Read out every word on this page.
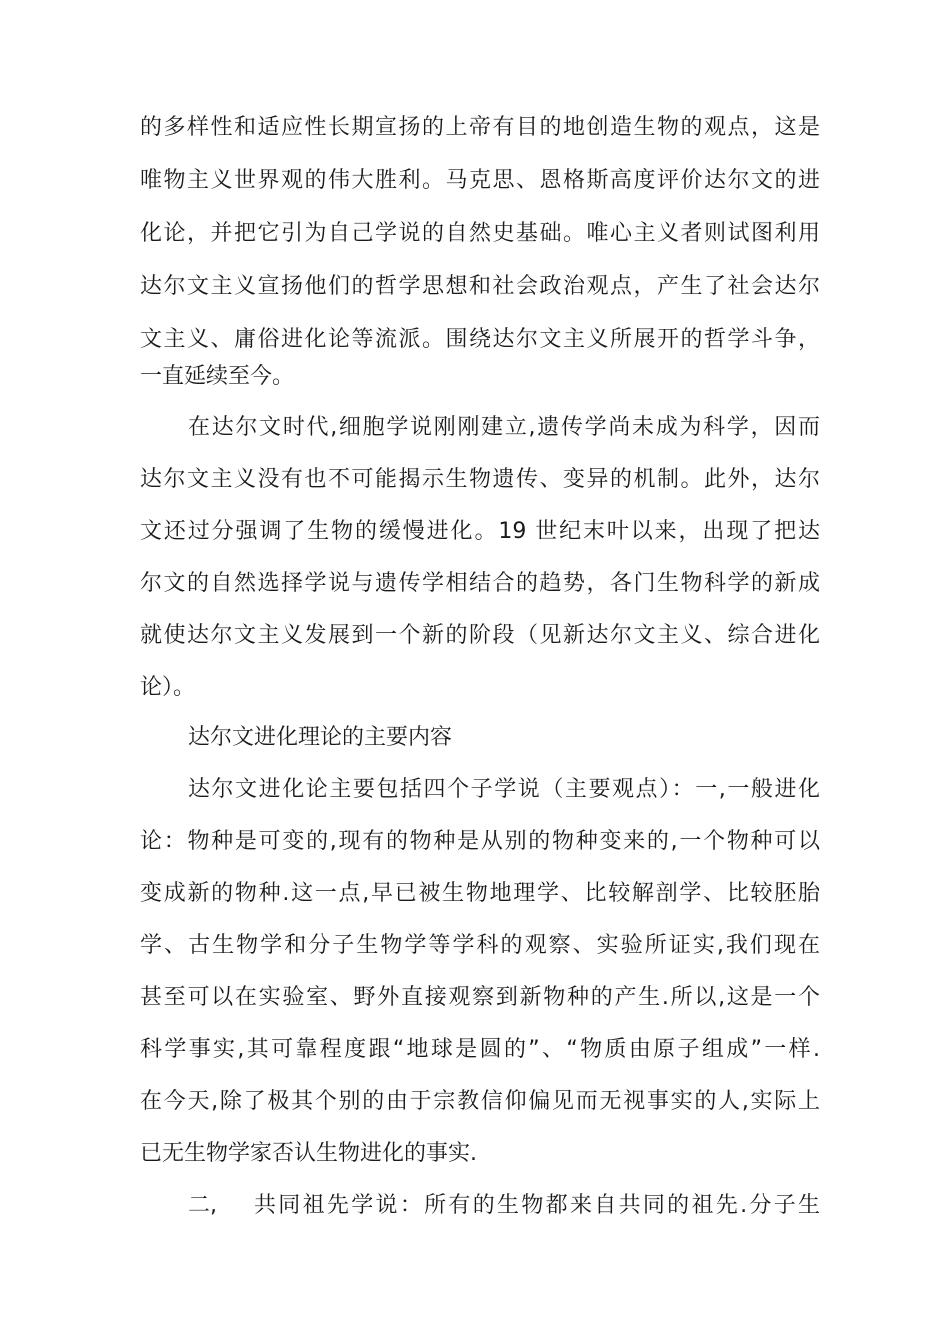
的多样性和适应性长期宣扬的上帝有目的地创造生物的观点，这是
唯物主义世界观的伟大胜利。马克思、恩格斯高度评价达尔文的进
化论，并把它引为自己学说的自然史基础。唯心主义者则试图利用
达尔文主义宣扬他们的哲学思想和社会政治观点，产生了社会达尔
文主义、庸俗进化论等流派。围绕达尔文主义所展开的哲学斗争，
一直延续至今。
在达尔文时代,细胞学说刚刚建立,遗传学尚未成为科学，因而
达尔文主义没有也不可能揭示生物遗传、变异的机制。此外，达尔
文还过分强调了生物的缓慢进化。19 世纪末叶以来，出现了把达
尔文的自然选择学说与遗传学相结合的趋势，各门生物科学的新成
就使达尔文主义发展到一个新的阶段（见新达尔文主义、综合进化
论）。
达尔文进化理论的主要内容
达尔文进化论主要包括四个子学说（主要观点）：一,一般进化
论：物种是可变的,现有的物种是从别的物种变来的,一个物种可以
变成新的物种.这一点,早已被生物地理学、比较解剖学、比较胚胎
学、古生物学和分子生物学等学科的观察、实验所证实,我们现在
甚至可以在实验室、野外直接观察到新物种的产生.所以,这是一个
科学事实,其可靠程度跟“地球是圆的”、“物质由原子组成”一样.
在今天,除了极其个别的由于宗教信仰偏见而无视事实的人,实际上
已无生物学家否认生物进化的事实.
二, 共同祖先学说：所有的生物都来自共同的祖先.分子生
